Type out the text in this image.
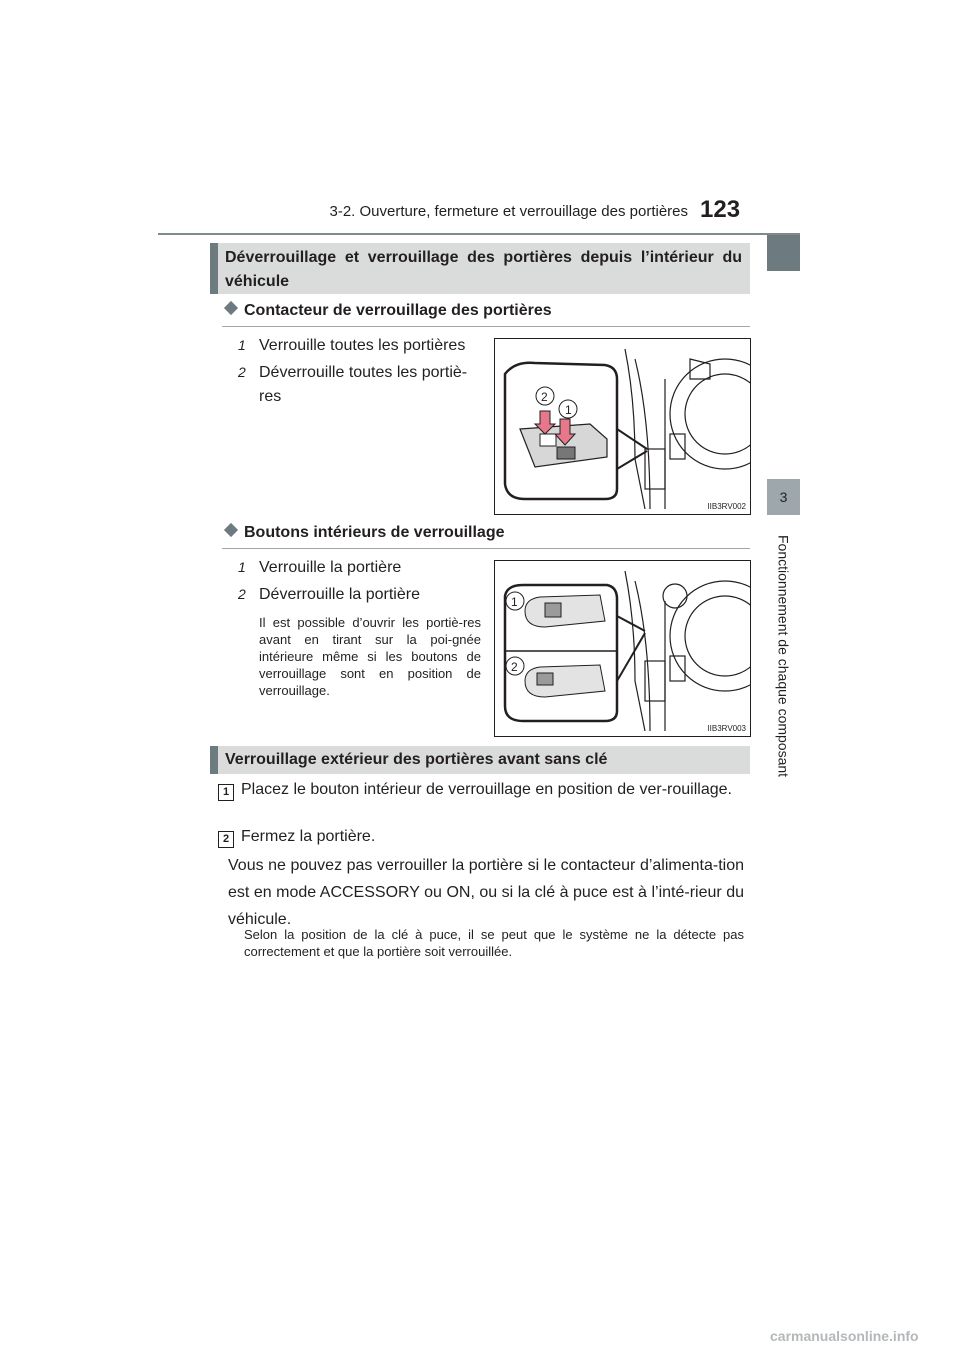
3-2. Ouverture, fermeture et verrouillage des portières 123
3
Fonctionnement de chaque composant
Déverrouillage et verrouillage des portières depuis l’intérieur du véhicule
Contacteur de verrouillage des portières
1 Verrouille toutes les portières
2 Déverrouille toutes les portiè-res	2
1
IIB3RV002
Boutons intérieurs de verrouillage
1 Verrouille la portière
2 Déverrouille la portière
Il est possible d’ouvrir les portiè-res avant en tirant sur la poi-gnée intérieure même si les boutons de verrouillage sont en position de verrouillage.
1
2
IIB3RV003
Verrouillage extérieur des portières avant sans clé
1 Placez le bouton intérieur de verrouillage en position de ver-rouillage.
2 Fermez la portière.
Vous ne pouvez pas verrouiller la portière si le contacteur d’alimenta-tion est en mode ACCESSORY ou ON, ou si la clé à puce est à l’inté-rieur du véhicule.
Selon la position de la clé à puce, il se peut que le système ne la détecte pas correctement et que la portière soit verrouillée.
carmanualsonline.info
